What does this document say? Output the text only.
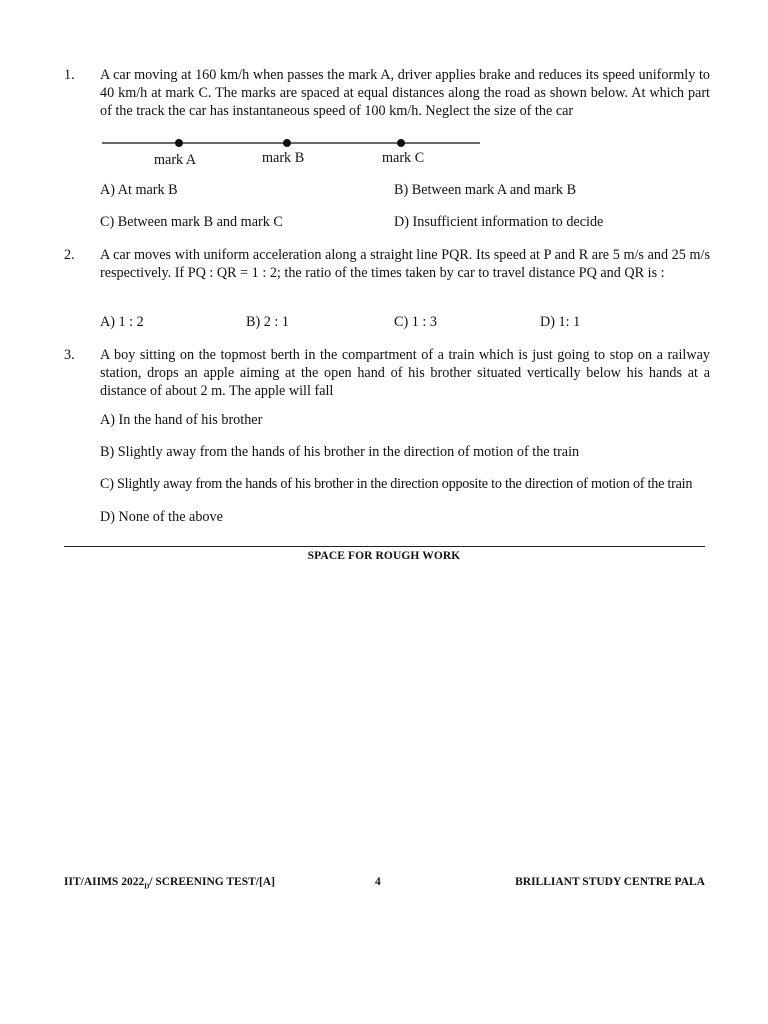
1. A car moving at 160 km/h when passes the mark A, driver applies brake and reduces its speed uniformly to 40 km/h at mark C. The marks are spaced at equal distances along the road as shown below. At which part of the track the car has instantaneous speed of 100 km/h. Neglect the size of the car
mark A	mark B	mark C
A) At mark B	B) Between mark A and mark B
C) Between mark B and mark C	D) Insufficient information to decide
2. A car moves with uniform acceleration along a straight line PQR. Its speed at P and R are 5 m/s and 25 m/s respectively. If PQ : QR = 1 : 2; the ratio of the times taken by car to travel distance PQ and QR is :
A) 1 : 2	B) 2 : 1	C) 1 : 3	D) 1: 1
3. A boy sitting on the topmost berth in the compartment of a train which is just going to stop on a railway station, drops an apple aiming at the open hand of his brother situated vertically below his hands at a distance of about 2 m. The apple will fall
A) In the hand of his brother
B) Slightly away from the hands of his brother in the direction of motion of the train
C) Slightly away from the hands of his brother in the direction opposite to the direction of motion of the train
D) None of the above
SPACE FOR ROUGH WORK
IIT/AIIMS $2022_D/$ SCREENING TEST/[A]	4	BRILLIANT STUDY CENTRE PALA
